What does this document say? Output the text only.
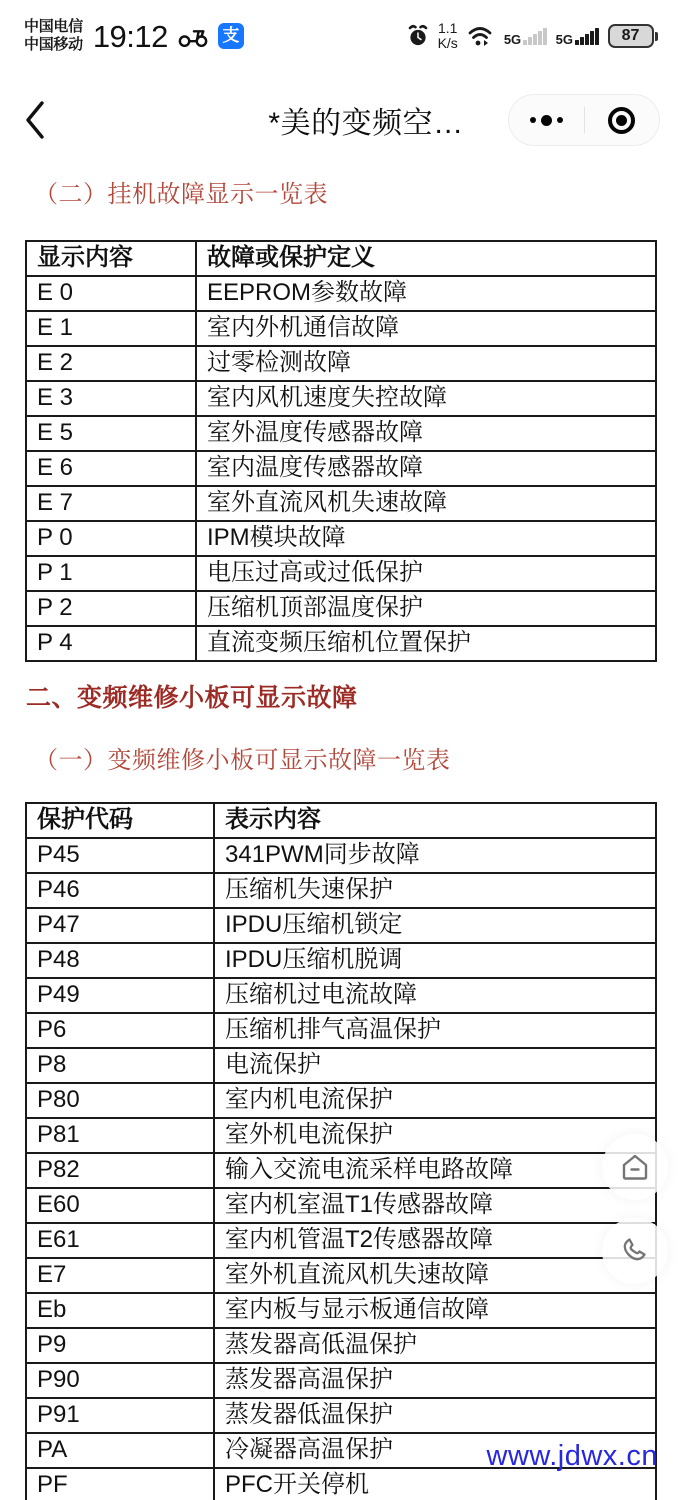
中国电信
中国移动 19:12	支	1.1
K/s	5G	5G	87
*美的变频空…
（二）挂机故障显示一览表
显示内容	故障或保护定义
E 0	EEPROM参数故障
E 1	室内外机通信故障
E 2	过零检测故障
E 3	室内风机速度失控故障
E 5	室外温度传感器故障
E 6	室内温度传感器故障
E 7	室外直流风机失速故障
P 0	IPM模块故障
P 1	电压过高或过低保护
P 2	压缩机顶部温度保护
P 4	直流变频压缩机位置保护
二、变频维修小板可显示故障
（一）变频维修小板可显示故障一览表
保护代码	表示内容
P45	341PWM同步故障
P46	压缩机失速保护
P47	IPDU压缩机锁定
P48	IPDU压缩机脱调
P49	压缩机过电流故障
P6	压缩机排气高温保护
P8	电流保护
P80	室内机电流保护
P81	室外机电流保护
P82	输入交流电流采样电路故障
E60	室内机室温T1传感器故障
E61	室内机管温T2传感器故障
E7	室外机直流风机失速故障
Eb	室内板与显示板通信故障
P9	蒸发器高低温保护
P90	蒸发器高温保护
P91	蒸发器低温保护
PA	冷凝器高温保护
PF	PFC开关停机

www.jdwx.cn
